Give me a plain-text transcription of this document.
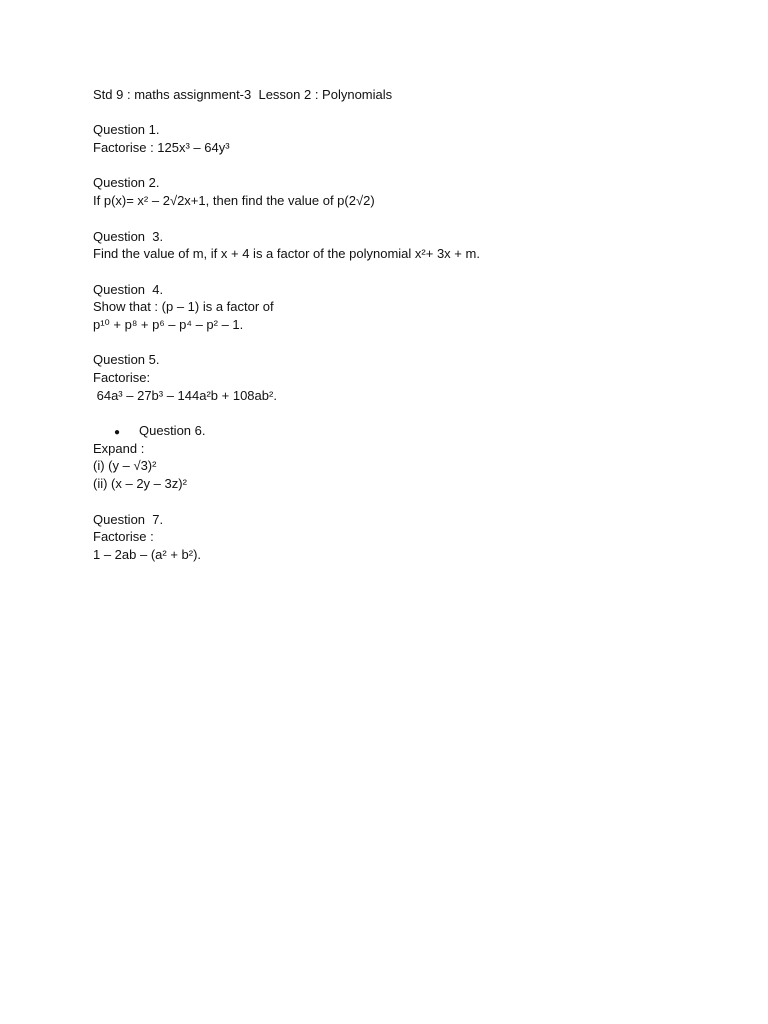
Std 9 : maths assignment-3  Lesson 2 : Polynomials
Question 1.
Factorise : 125x³ – 64y³
Question 2.
If p(x)= x² – 2√2x+1, then find the value of p(2√2)
Question  3.
Find the value of m, if x + 4 is a factor of the polynomial x²+ 3x + m.
Question  4.
Show that : (p – 1) is a factor of
p¹⁰ + p⁸ + p⁶ – p⁴ – p² – 1.
Question 5.
Factorise:
64a³ – 27b³ – 144a²b + 108ab².
● Question 6.
Expand :
(i) (y – √3)²
(ii) (x – 2y – 3z)²
Question  7.
Factorise :
1 – 2ab – (a² + b²).
